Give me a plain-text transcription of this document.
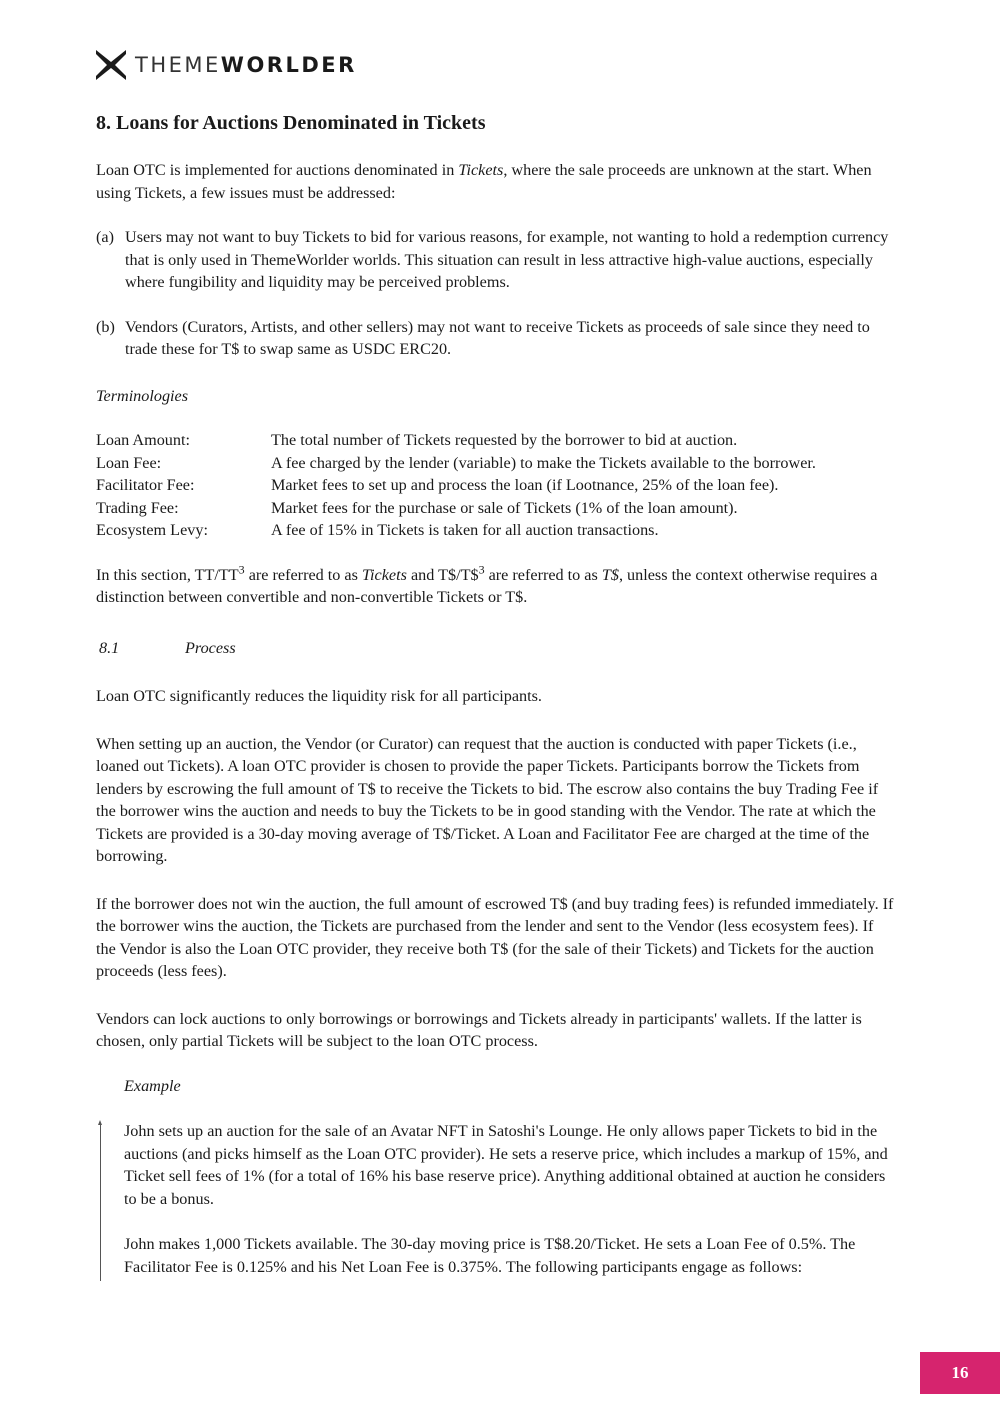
THEMEWORLDER
8. Loans for Auctions Denominated in Tickets

Loan OTC is implemented for auctions denominated in Tickets, where the sale proceeds are unknown at the start. When using Tickets, a few issues must be addressed:

(a) Users may not want to buy Tickets to bid for various reasons, for example, not wanting to hold a redemption currency that is only used in ThemeWorlder worlds. This situation can result in less attractive high-value auctions, especially where fungibility and liquidity may be perceived problems.
(b) Vendors (Curators, Artists, and other sellers) may not want to receive Tickets as proceeds of sale since they need to trade these for T$ to swap same as USDC ERC20.

Terminologies

Loan Amount:	The total number of Tickets requested by the borrower to bid at auction.
Loan Fee:	A fee charged by the lender (variable) to make the Tickets available to the borrower.
Facilitator Fee:	Market fees to set up and process the loan (if Lootnance, 25% of the loan fee).
Trading Fee:	Market fees for the purchase or sale of Tickets (1% of the loan amount).
Ecosystem Levy:	A fee of 15% in Tickets is taken for all auction transactions.

In this section, $TT/TT^3$ are referred to as Tickets and T$/T\$$^3$ are referred to as T$, unless the context otherwise requires a distinction between convertible and non-convertible Tickets or T$.

8.1	Process

Loan OTC significantly reduces the liquidity risk for all participants.

When setting up an auction, the Vendor (or Curator) can request that the auction is conducted with paper Tickets (i.e., loaned out Tickets). A loan OTC provider is chosen to provide the paper Tickets. Participants borrow the Tickets from lenders by escrowing the full amount of T$ to receive the Tickets to bid. The escrow also contains the buy Trading Fee if the borrower wins the auction and needs to buy the Tickets to be in good standing with the Vendor. The rate at which the Tickets are provided is a 30-day moving average of T$/Ticket. A Loan and Facilitator Fee are charged at the time of the borrowing.

If the borrower does not win the auction, the full amount of escrowed T$ (and buy trading fees) is refunded immediately. If the borrower wins the auction, the Tickets are purchased from the lender and sent to the Vendor (less ecosystem fees). If the Vendor is also the Loan OTC provider, they receive both T$ (for the sale of their Tickets) and Tickets for the auction proceeds (less fees).

Vendors can lock auctions to only borrowings or borrowings and Tickets already in participants' wallets. If the latter is chosen, only partial Tickets will be subject to the loan OTC process.

Example

John sets up an auction for the sale of an Avatar NFT in Satoshi's Lounge. He only allows paper Tickets to bid in the auctions (and picks himself as the Loan OTC provider). He sets a reserve price, which includes a markup of 15%, and Ticket sell fees of 1% (for a total of 16% his base reserve price). Anything additional obtained at auction he considers to be a bonus.

John makes 1,000 Tickets available. The 30-day moving price is T$8.20/Ticket. He sets a Loan Fee of 0.5%. The Facilitator Fee is 0.125% and his Net Loan Fee is 0.375%. The following participants engage as follows:

16
